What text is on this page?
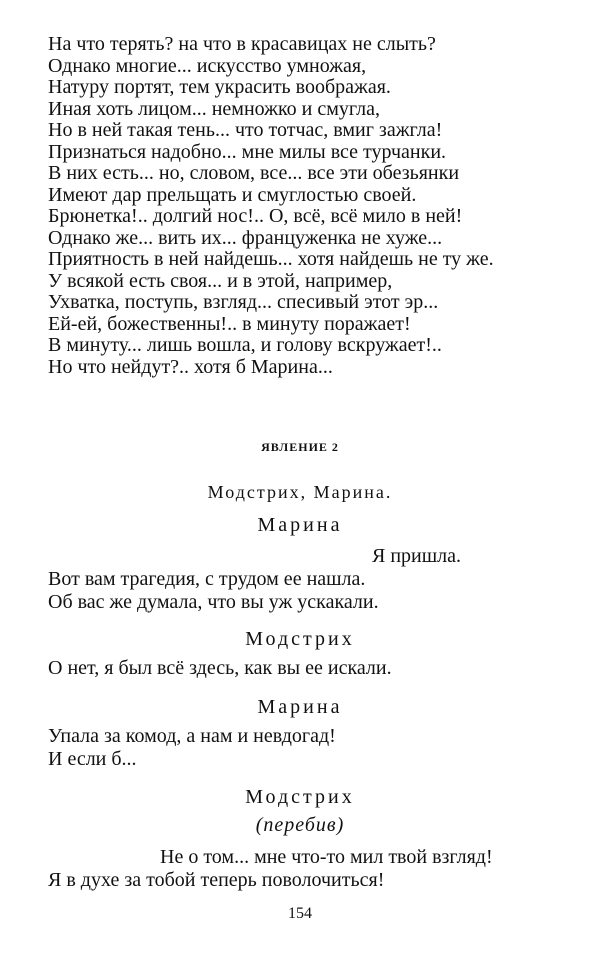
На что терять? на что в красавицах не слыть?
Однако многие... искусство умножая,
Натуру портят, тем украсить воображая.
Иная хоть лицом... немножко и смугла,
Но в ней такая тень... что тотчас, вмиг зажгла!
Признаться надобно... мне милы все турчанки.
В них есть... но, словом, все... все эти обезьянки
Имеют дар прельщать и смуглостью своей.
Брюнетка!.. долгий нос!.. О, всё, всё мило в ней!
Однако же... вить их... француженка не хуже...
Приятность в ней найдешь... хотя найдешь не ту же.
У всякой есть своя... и в этой, например,
Ухватка, поступь, взгляд... спесивый этот эр...
Ей-ей, божественны!.. в минуту поражает!
В минуту... лишь вошла, и голову вскружает!..
Но что нейдут?.. хотя б Марина...
ЯВЛЕНИЕ 2
Модстрих, Марина.
Марина
Я пришла.
Вот вам трагедия, с трудом ее нашла.
Об вас же думала, что вы уж ускакали.
Модстрих
О нет, я был всё здесь, как вы ее искали.
Марина
Упала за комод, а нам и невдогад!
И если б...
Модстрих
(перебив)
Не о том... мне что-то мил твой взгляд!
Я в духе за тобой теперь поволочиться!
154
